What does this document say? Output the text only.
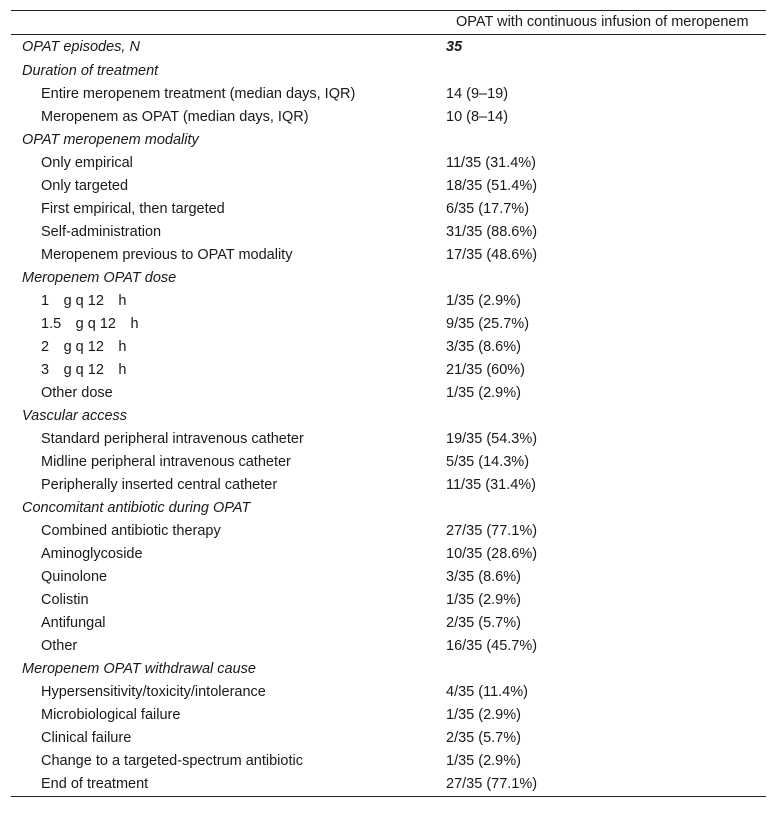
	OPAT with continuous infusion of meropenem
OPAT episodes, N	35
Duration of treatment	
Entire meropenem treatment (median days, IQR)	14 (9–19)
Meropenem as OPAT (median days, IQR)	10 (8–14)
OPAT meropenem modality	
Only empirical	11/35 (31.4%)
Only targeted	18/35 (51.4%)
First empirical, then targeted	6/35 (17.7%)
Self-administration	31/35 (88.6%)
Meropenem previous to OPAT modality	17/35 (48.6%)
Meropenem OPAT dose	
1 g q 12 h	1/35 (2.9%)
1.5 g q 12 h	9/35 (25.7%)
2 g q 12 h	3/35 (8.6%)
3 g q 12 h	21/35 (60%)
Other dose	1/35 (2.9%)
Vascular access	
Standard peripheral intravenous catheter	19/35 (54.3%)
Midline peripheral intravenous catheter	5/35 (14.3%)
Peripherally inserted central catheter	11/35 (31.4%)
Concomitant antibiotic during OPAT	
Combined antibiotic therapy	27/35 (77.1%)
Aminoglycoside	10/35 (28.6%)
Quinolone	3/35 (8.6%)
Colistin	1/35 (2.9%)
Antifungal	2/35 (5.7%)
Other	16/35 (45.7%)
Meropenem OPAT withdrawal cause	
Hypersensitivity/toxicity/intolerance	4/35 (11.4%)
Microbiological failure	1/35 (2.9%)
Clinical failure	2/35 (5.7%)
Change to a targeted-spectrum antibiotic	1/35 (2.9%)
End of treatment	27/35 (77.1%)
